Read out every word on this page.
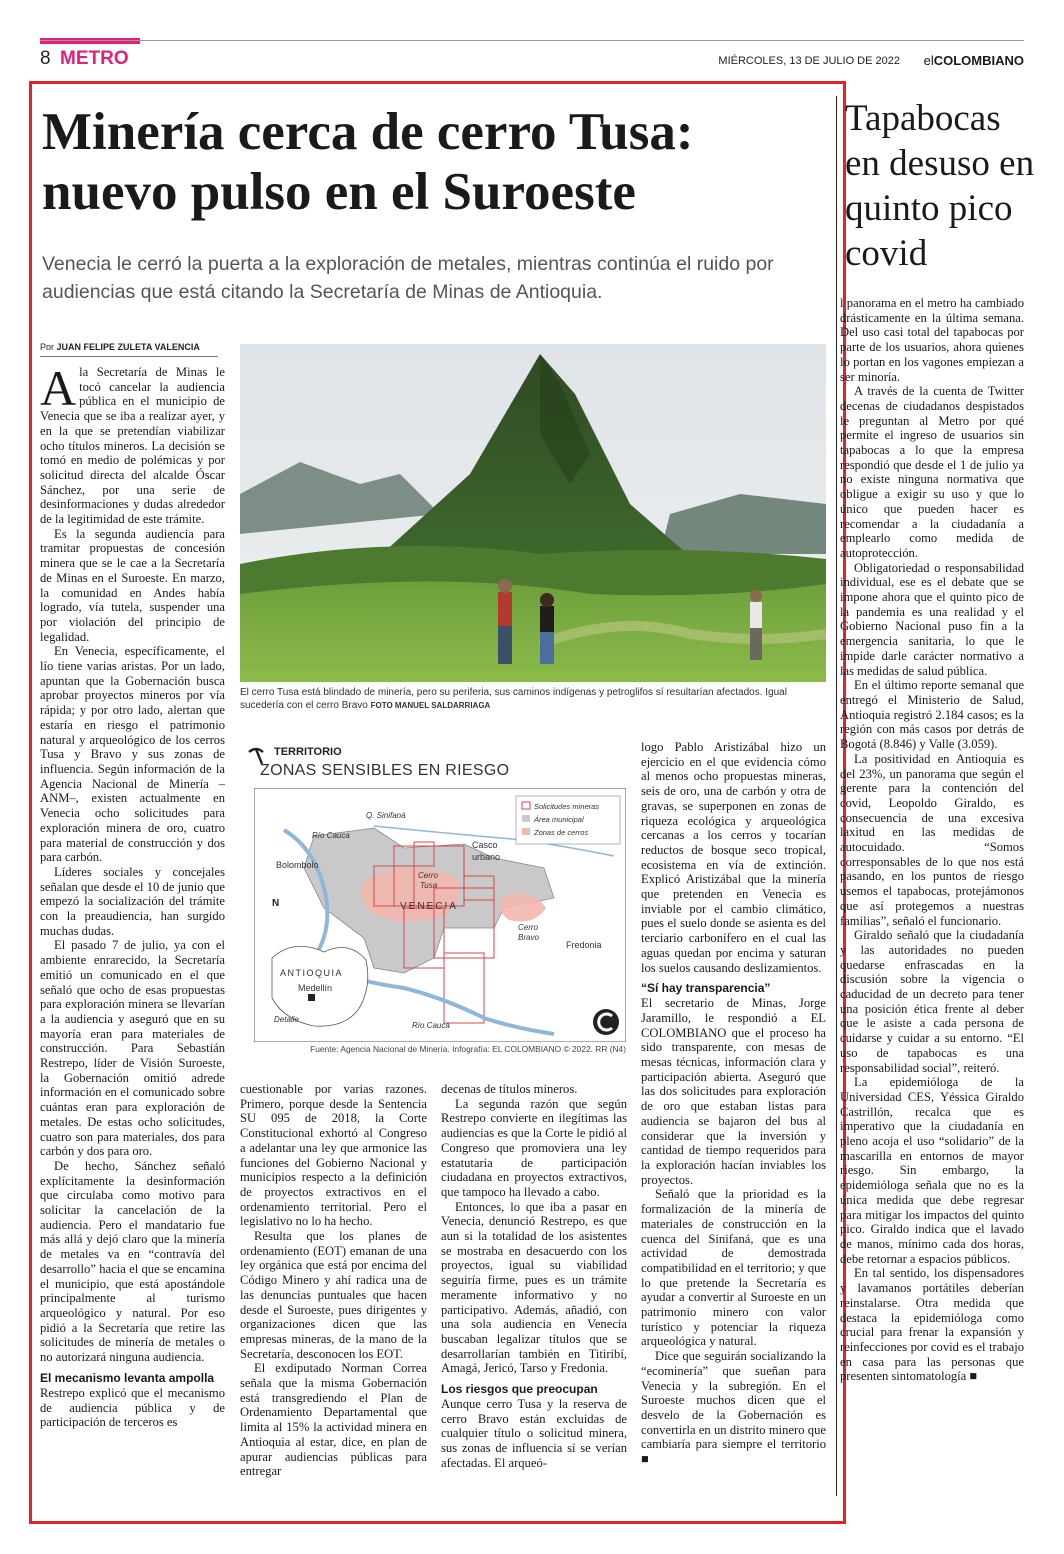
8 METRO	MIÉRCOLES, 13 DE JULIO DE 2022 elCOLOMBIANO
Minería cerca de cerro Tusa: nuevo pulso en el Suroeste
Venecia le cerró la puerta a la exploración de metales, mientras continúa el ruido por audiencias que está citando la Secretaría de Minas de Antioquia.
Por JUAN FELIPE ZULETA VALENCIA

Ala Secretaría de Minas le tocó cancelar la audiencia pública en el municipio de Venecia que se iba a realizar ayer, y en la que se pretendían viabilizar ocho títulos mineros. La decisión se tomó en medio de polémicas y por solicitud directa del alcalde Óscar Sánchez, por una serie de desinformaciones y dudas alrededor de la legitimidad de este trámite.

Es la segunda audiencia para tramitar propuestas de concesión minera que se le cae a la Secretaría de Minas en el Suroeste. En marzo, la comunidad en Andes había logrado, vía tutela, suspender una por violación del principio de legalidad.

En Venecia, específicamente, el lío tiene varias aristas. Por un lado, apuntan que la Gobernación busca aprobar proyectos mineros por vía rápida; y por otro lado, alertan que estaría en riesgo el patrimonio natural y arqueológico de los cerros Tusa y Bravo y sus zonas de influencia. Según información de la Agencia Nacional de Minería –ANM–, existen actualmente en Venecia ocho solicitudes para exploración minera de oro, cuatro para material de construcción y dos para carbón.

Líderes sociales y concejales señalan que desde el 10 de junio que empezó la socialización del trámite con la preaudiencia, han surgido muchas dudas.

El pasado 7 de julio, ya con el ambiente enrarecido, la Secretaría emitió un comunicado en el que señaló que ocho de esas propuestas para exploración minera se llevarían a la audiencia y aseguró que en su mayoría eran para materiales de construcción. Para Sebastián Restrepo, líder de Visión Suroeste, la Gobernación omitió adrede información en el comunicado sobre cuántas eran para exploración de metales. De estas ocho solicitudes, cuatro son para materiales, dos para carbón y dos para oro.

De hecho, Sánchez señaló explícitamente la desinformación que circulaba como motivo para solicitar la cancelación de la audiencia. Pero el mandatario fue más allá y dejó claro que la minería de metales va en “contravía del desarrollo” hacia el que se encamina el municipio, que está apostándole principalmente al turismo arqueológico y natural. Por eso pidió a la Secretaría que retire las solicitudes de minería de metales o no autorizará ninguna audiencia.

El mecanismo levanta ampolla

Restrepo explicó que el mecanismo de audiencia pública y de participación de terceros es

El cerro Tusa está blindado de minería, pero su periferia, sus caminos indígenas y petroglifos sí resultarían afectados. Igual sucedería con el cerro Bravo FOTO MANUEL SALDARRIAGA
TERRITORIO
ZONAS SENSIBLES EN RIESGO
Q. Sinifaná
Río Cauca
Bolombolo
Casco
urbano
Cerro
Tusa
VENECIA
Cerro
Bravo
Fredonia
ANTIOQUIA
Medellín
Detalle
Río Cauca
N
Solicitudes mineras
Área municipal
Zonas de cerros
Fuente: Agencia Nacional de Minería. Infografía: EL COLOMBIANO © 2022. RR (N4)

cuestionable por varias razones. Primero, porque desde la Sentencia SU 095 de 2018, la Corte Constitucional exhortó al Congreso a adelantar una ley que armonice las funciones del Gobierno Nacional y municipios respecto a la definición de proyectos extractivos en el ordenamiento territorial. Pero el legislativo no lo ha hecho.

Resulta que los planes de ordenamiento (EOT) emanan de una ley orgánica que está por encima del Código Minero y ahí radica una de las denuncias puntuales que hacen desde el Suroeste, pues dirigentes y organizaciones dicen que las empresas mineras, de la mano de la Secretaría, desconocen los EOT.

El exdiputado Norman Correa señala que la misma Gobernación está transgrediendo el Plan de Ordenamiento Departamental que limita al 15% la actividad minera en Antioquia al estar, dice, en plan de apurar audiencias públicas para entregar

decenas de títulos mineros.

La segunda razón que según Restrepo convierte en ilegítimas las audiencias es que la Corte le pidió al Congreso que promoviera una ley estatutaria de participación ciudadana en proyectos extractivos, que tampoco ha llevado a cabo.

Entonces, lo que iba a pasar en Venecia, denunció Restrepo, es que aun si la totalidad de los asistentes se mostraba en desacuerdo con los proyectos, igual su viabilidad seguiría firme, pues es un trámite meramente informativo y no participativo. Además, añadió, con una sola audiencia en Venecia buscaban legalizar títulos que se desarrollarían también en Titiribí, Amagá, Jericó, Tarso y Fredonia.

Los riesgos que preocupan

Aunque cerro Tusa y la reserva de cerro Bravo están excluidas de cualquier título o solicitud minera, sus zonas de influencia sí se verían afectadas. El arqueó-

logo Pablo Aristizábal hizo un ejercicio en el que evidencia cómo al menos ocho propuestas mineras, seis de oro, una de carbón y otra de gravas, se superponen en zonas de riqueza ecológica y arqueológica cercanas a los cerros y tocarían reductos de bosque seco tropical, ecosistema en vía de extinción. Explicó Aristizábal que la minería que pretenden en Venecia es inviable por el cambio climático, pues el suelo donde se asienta es del terciario carbonífero en el cual las aguas quedan por encima y saturan los suelos causando deslizamientos.

“Sí hay transparencia”

El secretario de Minas, Jorge Jaramillo, le respondió a EL COLOMBIANO que el proceso ha sido transparente, con mesas de mesas técnicas, información clara y participación abierta. Aseguró que las dos solicitudes para exploración de oro que estaban listas para audiencia se bajaron del bus al considerar que la inversión y cantidad de tiempo requeridos para la exploración hacían inviables los proyectos.

Señaló que la prioridad es la formalización de la minería de materiales de construcción en la cuenca del Sinifaná, que es una actividad de demostrada compatibilidad en el territorio; y que lo que pretende la Secretaría es ayudar a convertir al Suroeste en un patrimonio minero con valor turístico y potenciar la riqueza arqueológica y natural.

Dice que seguirán socializando la “ecominería” que sueñan para Venecia y la subregión. En el Suroeste muchos dicen que el desvelo de la Gobernación es convertirla en un distrito minero que cambiaría para siempre el territorio ■

Tapabocas en desuso en quinto pico covid

l panorama en el metro ha cambiado drásticamente en la última semana. Del uso casi total del tapabocas por parte de los usuarios, ahora quienes lo portan en los vagones empiezan a ser minoría.

A través de la cuenta de Twitter decenas de ciudadanos despistados le preguntan al Metro por qué permite el ingreso de usuarios sin tapabocas a lo que la empresa respondió que desde el 1 de julio ya no existe ninguna normativa que obligue a exigir su uso y que lo único que pueden hacer es recomendar a la ciudadanía a emplearlo como medida de autoprotección.

Obligatoriedad o responsabilidad individual, ese es el debate que se impone ahora que el quinto pico de la pandemia es una realidad y el Gobierno Nacional puso fin a la emergencia sanitaria, lo que le impide darle carácter normativo a las medidas de salud pública.

En el último reporte semanal que entregó el Ministerio de Salud, Antioquia registró 2.184 casos; es la región con más casos por detrás de Bogotá (8.846) y Valle (3.059).

La positividad en Antioquia es del 23%, un panorama que según el gerente para la contención del covid, Leopoldo Giraldo, es consecuencia de una excesiva laxitud en las medidas de autocuidado. “Somos corresponsables de lo que nos está pasando, en los puntos de riesgo usemos el tapabocas, protejámonos que así protegemos a nuestras familias”, señaló el funcionario.

Giraldo señaló que la ciudadanía y las autoridades no pueden quedarse enfrascadas en la discusión sobre la vigencia o caducidad de un decreto para tener una posición ética frente al deber que le asiste a cada persona de cuidarse y cuidar a su entorno. “El uso de tapabocas es una responsabilidad social”, reiteró.

La epidemióloga de la Universidad CES, Yéssica Giraldo Castrillón, recalca que es imperativo que la ciudadanía en pleno acoja el uso “solidario” de la mascarilla en entornos de mayor riesgo. Sin embargo, la epidemióloga señala que no es la única medida que debe regresar para mitigar los impactos del quinto pico. Giraldo indica que el lavado de manos, mínimo cada dos horas, debe retornar a espacios públicos.

En tal sentido, los dispensadores y lavamanos portátiles deberían reinstalarse. Otra medida que destaca la epidemióloga como crucial para frenar la expansión y reinfecciones por covid es el trabajo en casa para las personas que presenten sintomatología ■
